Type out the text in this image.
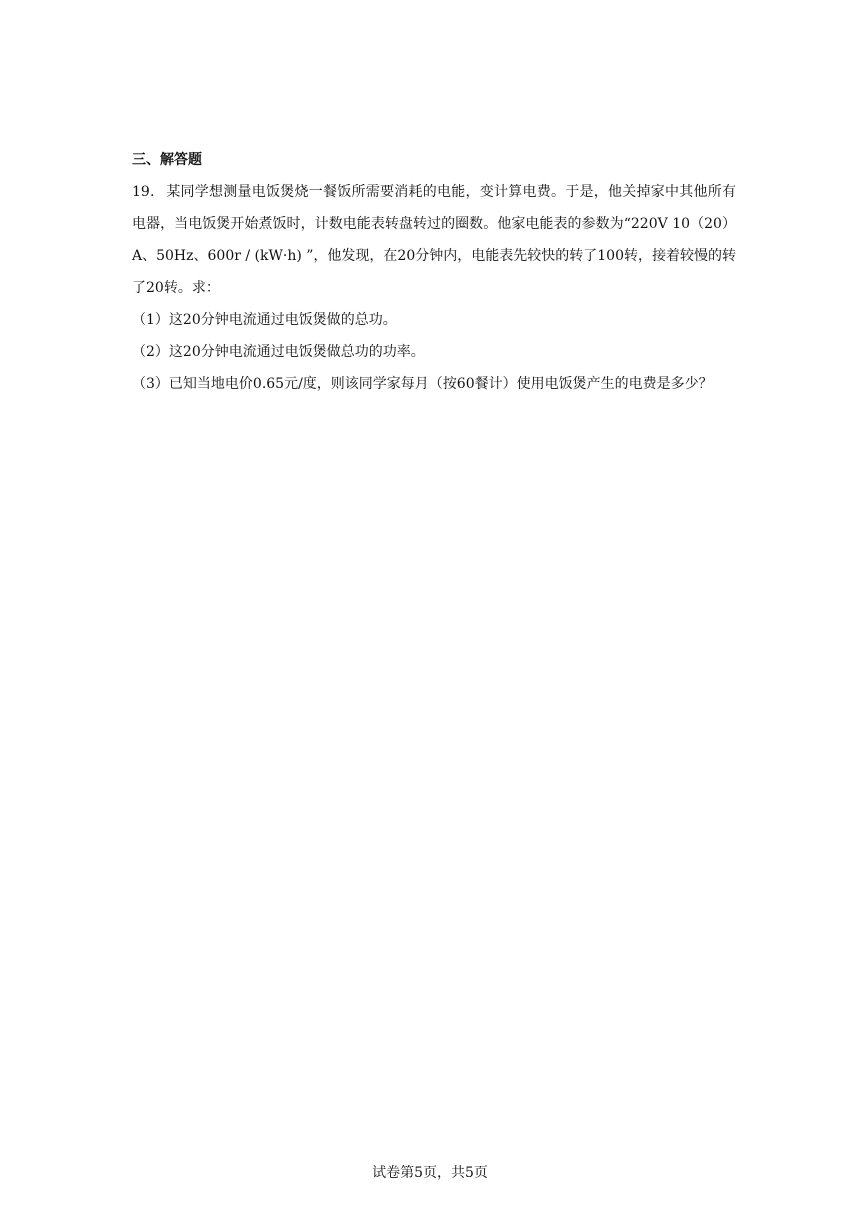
三、解答题

19． 某同学想测量电饭煲烧一餐饭所需要消耗的电能，变计算电费。于是，他关掉家中其他所有电器，当电饭煲开始煮饭时，计数电能表转盘转过的圈数。他家电能表的参数为“220V 10（20）A、50Hz、600r / (kW·h) ”，他发现，在20分钟内，电能表先较快的转了100转，接着较慢的转了20转。求：

（1）这20分钟电流通过电饭煲做的总功。

（2）这20分钟电流通过电饭煲做总功的功率。

（3）已知当地电价0.65元/度，则该同学家每月（按60餐计）使用电饭煲产生的电费是多少？

试卷第5页，共5页
